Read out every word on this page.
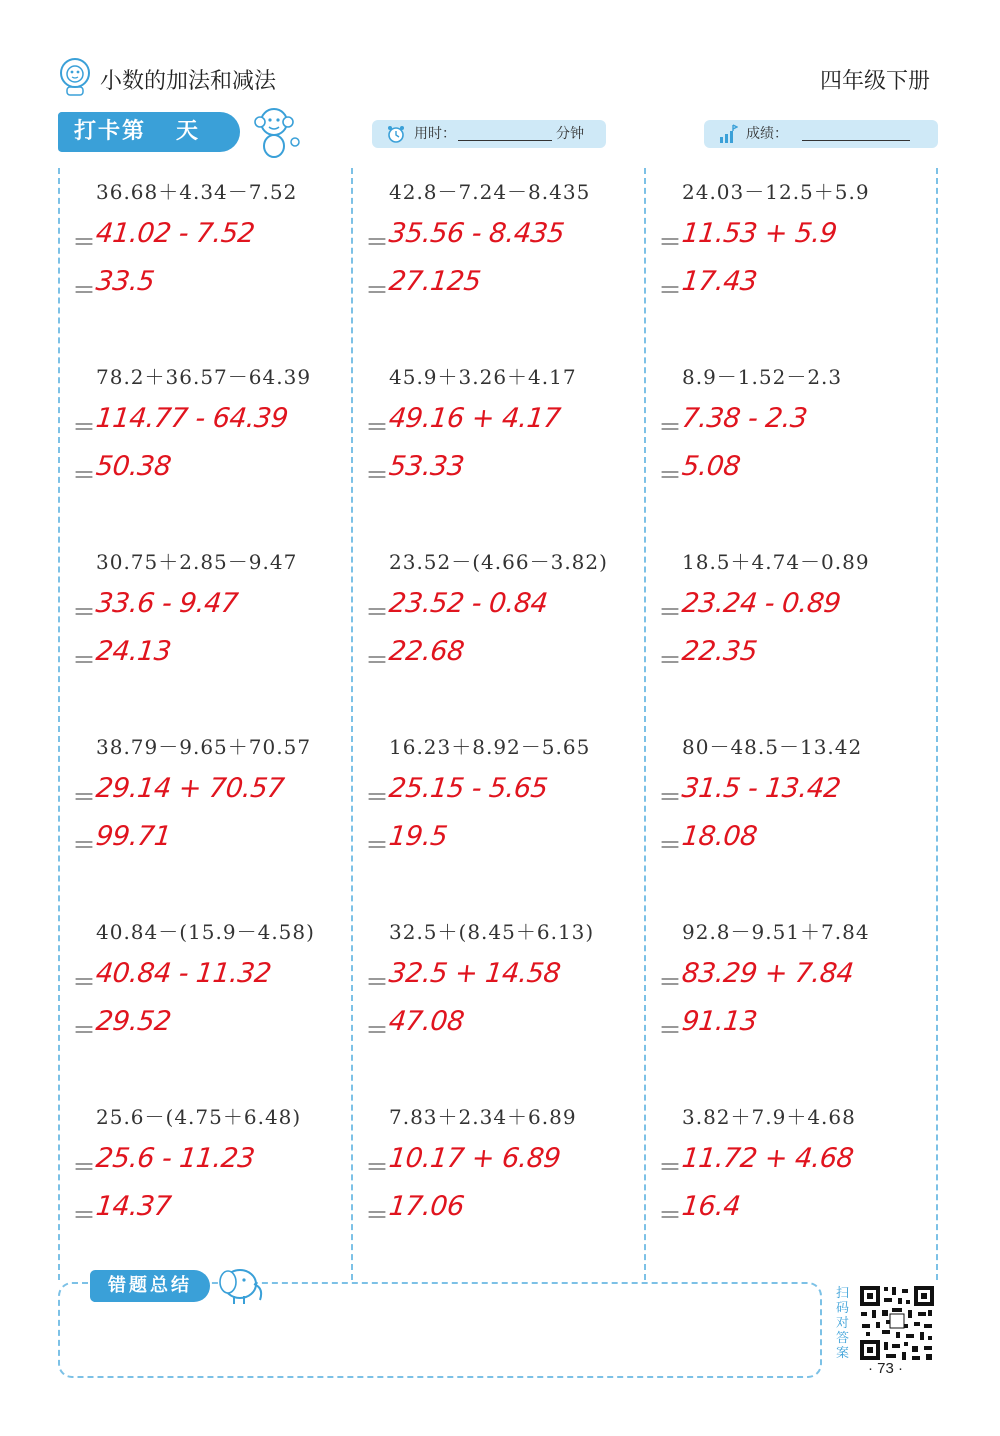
小数的加法和减法	四年级下册
打卡第 天	用时：	分钟	成绩：
36.68＋4.34－7.52
＝
41.02 - 7.52
＝
33.5
42.8－7.24－8.435
＝
35.56 - 8.435
＝
27.125
24.03－12.5＋5.9
＝
11.53 + 5.9
＝
17.43
78.2＋36.57－64.39
＝
114.77 - 64.39
＝
50.38
45.9＋3.26＋4.17
＝
49.16 + 4.17
＝
53.33
8.9－1.52－2.3
＝
7.38 - 2.3
＝
5.08
30.75＋2.85－9.47
＝
33.6 - 9.47
＝
24.13
23.52－(4.66－3.82)
＝
23.52 - 0.84
＝
22.68
18.5＋4.74－0.89
＝
23.24 - 0.89
＝
22.35
38.79－9.65＋70.57
＝
29.14 + 70.57
＝
99.71
16.23＋8.92－5.65
＝
25.15 - 5.65
＝
19.5
80－48.5－13.42
＝
31.5 - 13.42
＝
18.08
40.84－(15.9－4.58)
＝
40.84 - 11.32
＝
29.52
32.5＋(8.45＋6.13)
＝
32.5 + 14.58
＝
47.08
92.8－9.51＋7.84
＝
83.29 + 7.84
＝
91.13
25.6－(4.75＋6.48)
＝
25.6 - 11.23
＝
14.37
7.83＋2.34＋6.89
＝
10.17 + 6.89
＝
17.06
3.82＋7.9＋4.68
＝
11.72 + 4.68
＝
16.4
错题总结	扫码对答案
· 73 ·
